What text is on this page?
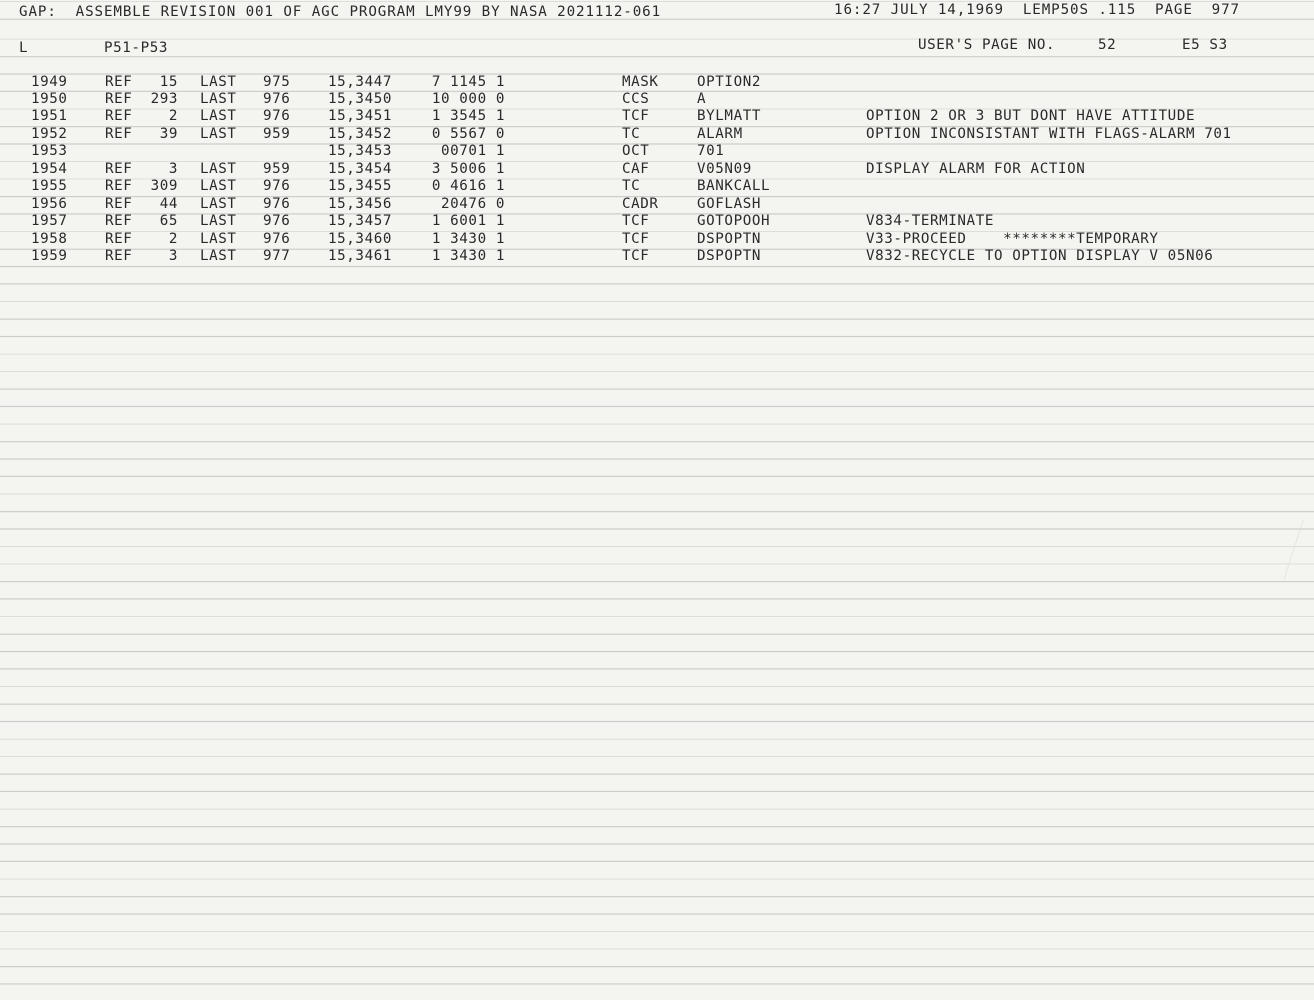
GAP:  ASSEMBLE REVISION 001 OF AGC PROGRAM LMY99 BY NASA 2021112-061	16:27 JULY 14,1969  LEMP50S .115  PAGE  977
L	P51-P53	USER'S PAGE NO.	52	E5 S3
1949	REF	15 LAST 975	15,3447	7 1145 1	MASK	OPTION2
1950	REF	293 LAST 976	15,3450	10 000 0	CCS	A
1951	REF	2 LAST 976	15,3451	1 3545 1	TCF	BYLMATT	OPTION 2 OR 3 BUT DONT HAVE ATTITUDE
1952	REF	39 LAST 959	15,3452	0 5567 0	TC	ALARM	OPTION INCONSISTANT WITH FLAGS-ALARM 701
1953	15,3453	00701 1	OCT	701
1954	REF	3 LAST 959	15,3454	3 5006 1	CAF	V05N09	DISPLAY ALARM FOR ACTION
1955	REF	309 LAST 976	15,3455	0 4616 1	TC	BANKCALL
1956	REF	44 LAST 976	15,3456	20476 0	CADR	GOFLASH
1957	REF	65 LAST 976	15,3457	1 6001 1	TCF	GOTOPOOH	V834-TERMINATE
1958	REF	2 LAST 976	15,3460	1 3430 1	TCF	DSPOPTN	V33-PROCEED    ********TEMPORARY
1959	REF	3 LAST 977	15,3461	1 3430 1	TCF	DSPOPTN	V832-RECYCLE TO OPTION DISPLAY V 05N06
